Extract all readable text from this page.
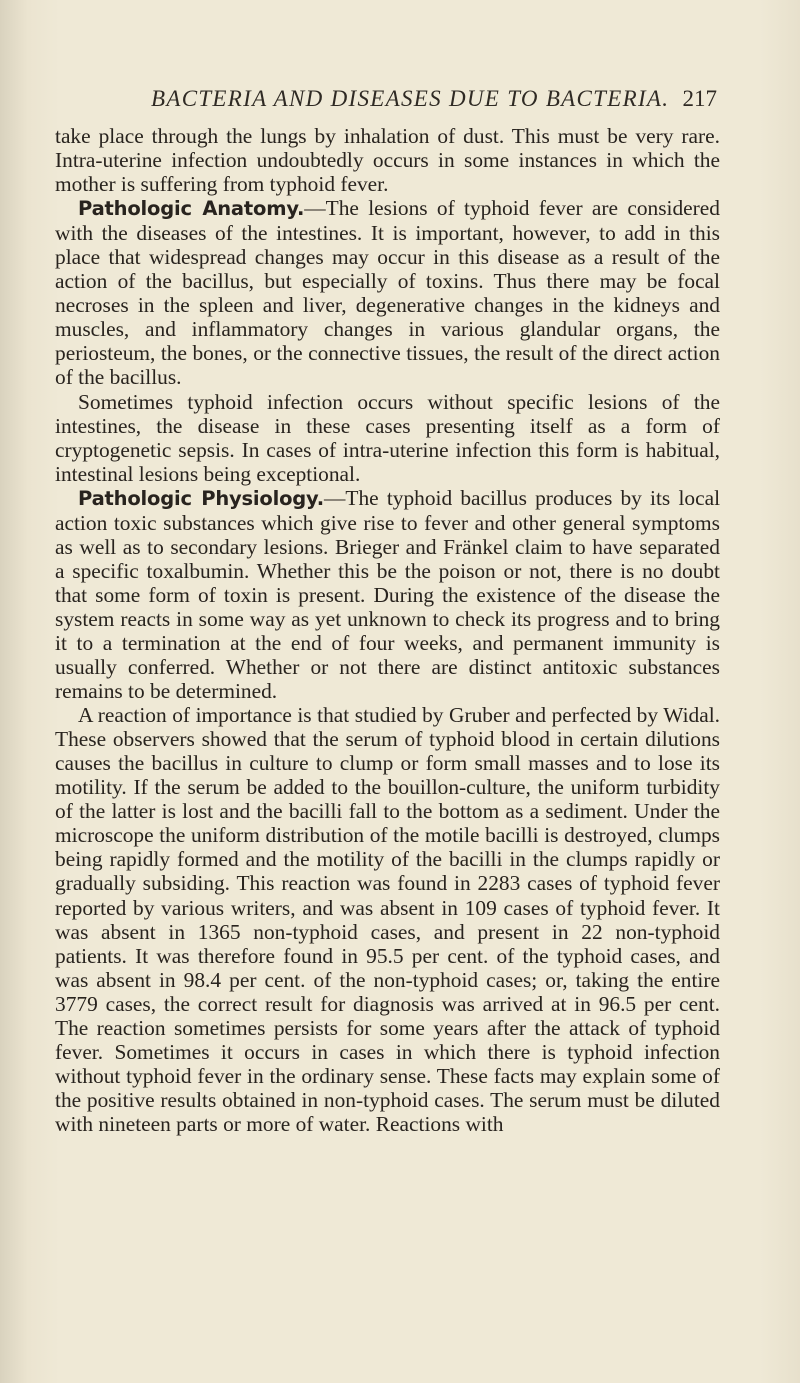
BACTERIA AND DISEASES DUE TO BACTERIA. 217

take place through the lungs by inhalation of dust. This must be very rare. Intra-uterine infection undoubtedly occurs in some instances in which the mother is suffering from typhoid fever.

Pathologic Anatomy.—The lesions of typhoid fever are considered with the diseases of the intestines. It is important, however, to add in this place that widespread changes may occur in this disease as a result of the action of the bacillus, but especially of toxins. Thus there may be focal necroses in the spleen and liver, degenerative changes in the kidneys and muscles, and inflammatory changes in various glandular organs, the periosteum, the bones, or the connective tissues, the result of the direct action of the bacillus.

Sometimes typhoid infection occurs without specific lesions of the intestines, the disease in these cases presenting itself as a form of cryptogenetic sepsis. In cases of intra-uterine infection this form is habitual, intestinal lesions being exceptional.

Pathologic Physiology.—The typhoid bacillus produces by its local action toxic substances which give rise to fever and other general symptoms as well as to secondary lesions. Brieger and Fränkel claim to have separated a specific toxalbumin. Whether this be the poison or not, there is no doubt that some form of toxin is present. During the existence of the disease the system reacts in some way as yet unknown to check its progress and to bring it to a termination at the end of four weeks, and permanent immunity is usually conferred. Whether or not there are distinct antitoxic substances remains to be determined.

A reaction of importance is that studied by Gruber and perfected by Widal. These observers showed that the serum of typhoid blood in certain dilutions causes the bacillus in culture to clump or form small masses and to lose its motility. If the serum be added to the bouillon-culture, the uniform turbidity of the latter is lost and the bacilli fall to the bottom as a sediment. Under the microscope the uniform distribution of the motile bacilli is destroyed, clumps being rapidly formed and the motility of the bacilli in the clumps rapidly or gradually subsiding. This reaction was found in 2283 cases of typhoid fever reported by various writers, and was absent in 109 cases of typhoid fever. It was absent in 1365 non-typhoid cases, and present in 22 non-typhoid patients. It was therefore found in 95.5 per cent. of the typhoid cases, and was absent in 98.4 per cent. of the non-typhoid cases; or, taking the entire 3779 cases, the correct result for diagnosis was arrived at in 96.5 per cent. The reaction sometimes persists for some years after the attack of typhoid fever. Sometimes it occurs in cases in which there is typhoid infection without typhoid fever in the ordinary sense. These facts may explain some of the positive results obtained in non-typhoid cases. The serum must be diluted with nineteen parts or more of water. Reactions with
